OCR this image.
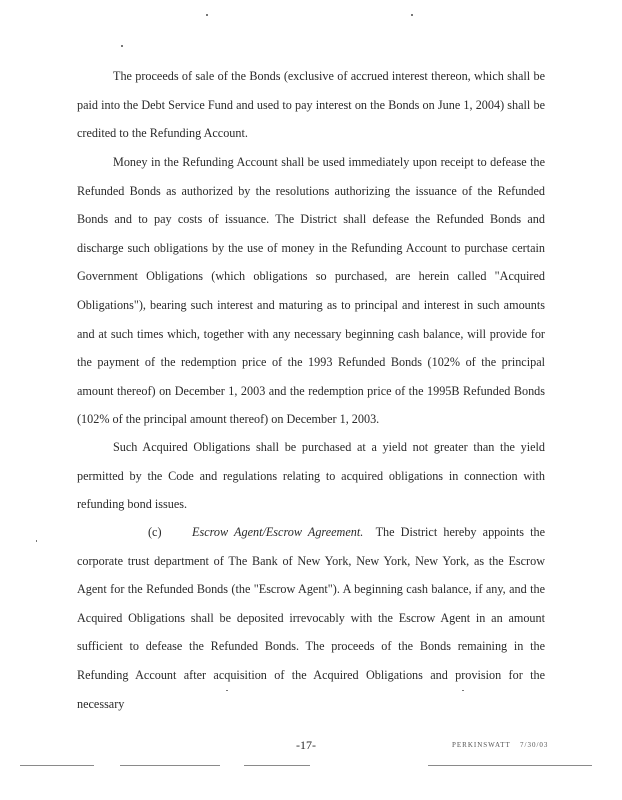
The proceeds of sale of the Bonds (exclusive of accrued interest thereon, which shall be paid into the Debt Service Fund and used to pay interest on the Bonds on June 1, 2004) shall be credited to the Refunding Account.

Money in the Refunding Account shall be used immediately upon receipt to defease the Refunded Bonds as authorized by the resolutions authorizing the issuance of the Refunded Bonds and to pay costs of issuance. The District shall defease the Refunded Bonds and discharge such obligations by the use of money in the Refunding Account to purchase certain Government Obligations (which obligations so purchased, are herein called "Acquired Obligations"), bearing such interest and maturing as to principal and interest in such amounts and at such times which, together with any necessary beginning cash balance, will provide for the payment of the redemption price of the 1993 Refunded Bonds (102% of the principal amount thereof) on December 1, 2003 and the redemption price of the 1995B Refunded Bonds (102% of the principal amount thereof) on December 1, 2003.

Such Acquired Obligations shall be purchased at a yield not greater than the yield permitted by the Code and regulations relating to acquired obligations in connection with refunding bond issues.

(c) Escrow Agent/Escrow Agreement. The District hereby appoints the corporate trust department of The Bank of New York, New York, New York, as the Escrow Agent for the Refunded Bonds (the "Escrow Agent"). A beginning cash balance, if any, and the Acquired Obligations shall be deposited irrevocably with the Escrow Agent in an amount sufficient to defease the Refunded Bonds. The proceeds of the Bonds remaining in the Refunding Account after acquisition of the Acquired Obligations and provision for the necessary

-17-	PERKINSWATT 7/30/03
